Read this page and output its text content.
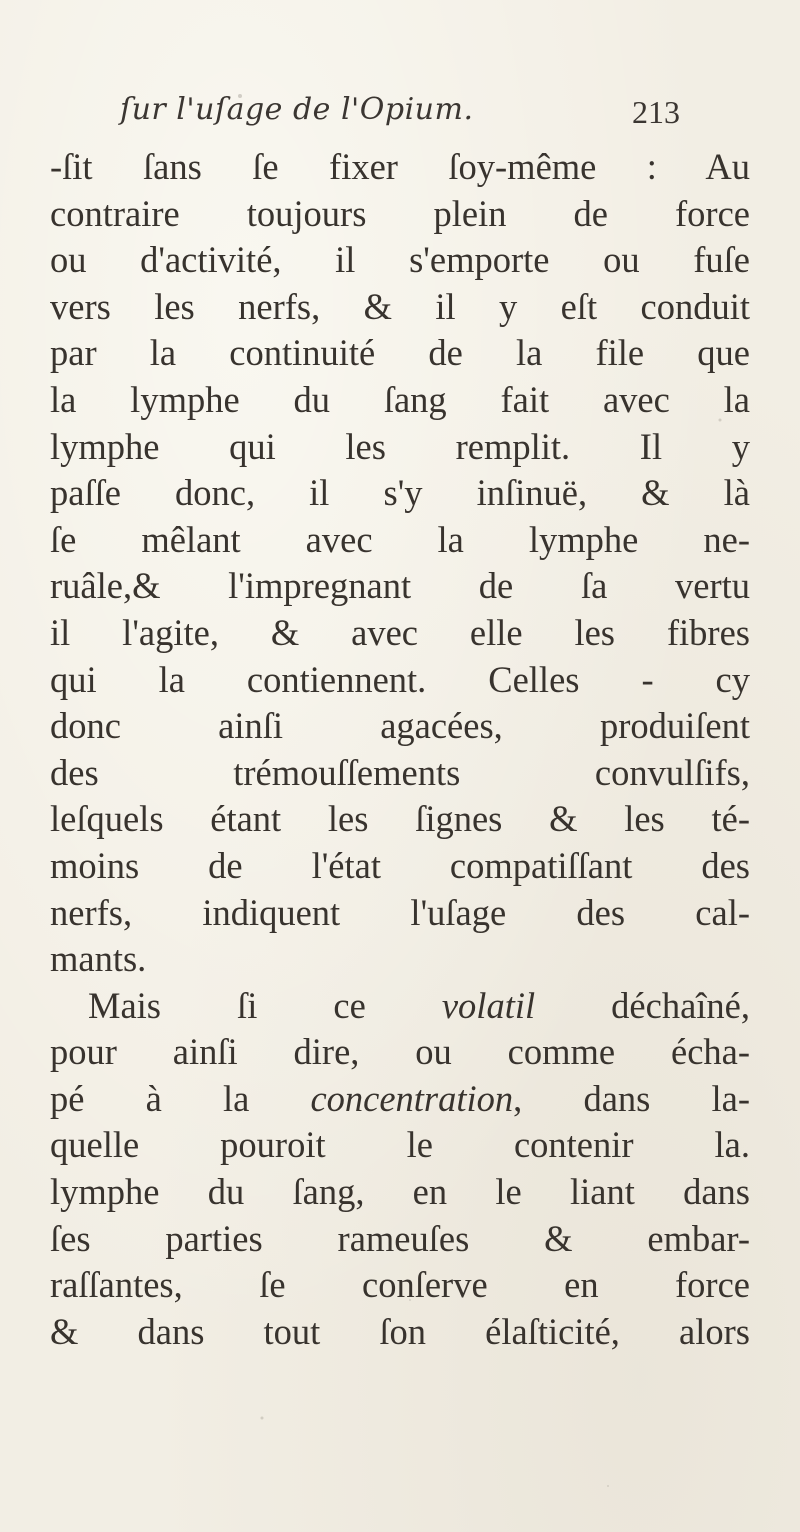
ſur l'uſage de l'Opium.	213
-ſit ſans ſe fixer ſoy-même : Au
contraire toujours plein de force
ou d'activité, il s'emporte ou fuſe
vers les nerfs, & il y eſt conduit
par la continuité de la file que
la lymphe du ſang fait avec la
lymphe qui les remplit. Il y
paſſe donc, il s'y inſinuë, & là
ſe mêlant avec la lymphe ne-
ruâle,& l'impregnant de ſa vertu
il l'agite, & avec elle les fibres
qui la contiennent. Celles - cy
donc ainſi agacées, produiſent
des trémouſſements convulſifs,
leſquels étant les ſignes & les té-
moins de l'état compatiſſant des
nerfs, indiquent l'uſage des cal-
mants.
Mais ſi ce volatil déchaîné,
pour ainſi dire, ou comme écha-
pé à la concentration, dans la-
quelle pouroit le contenir la.
lymphe du ſang, en le liant dans
ſes parties rameuſes & embar-
raſſantes, ſe conſerve en force
& dans tout ſon élaſticité, alors
